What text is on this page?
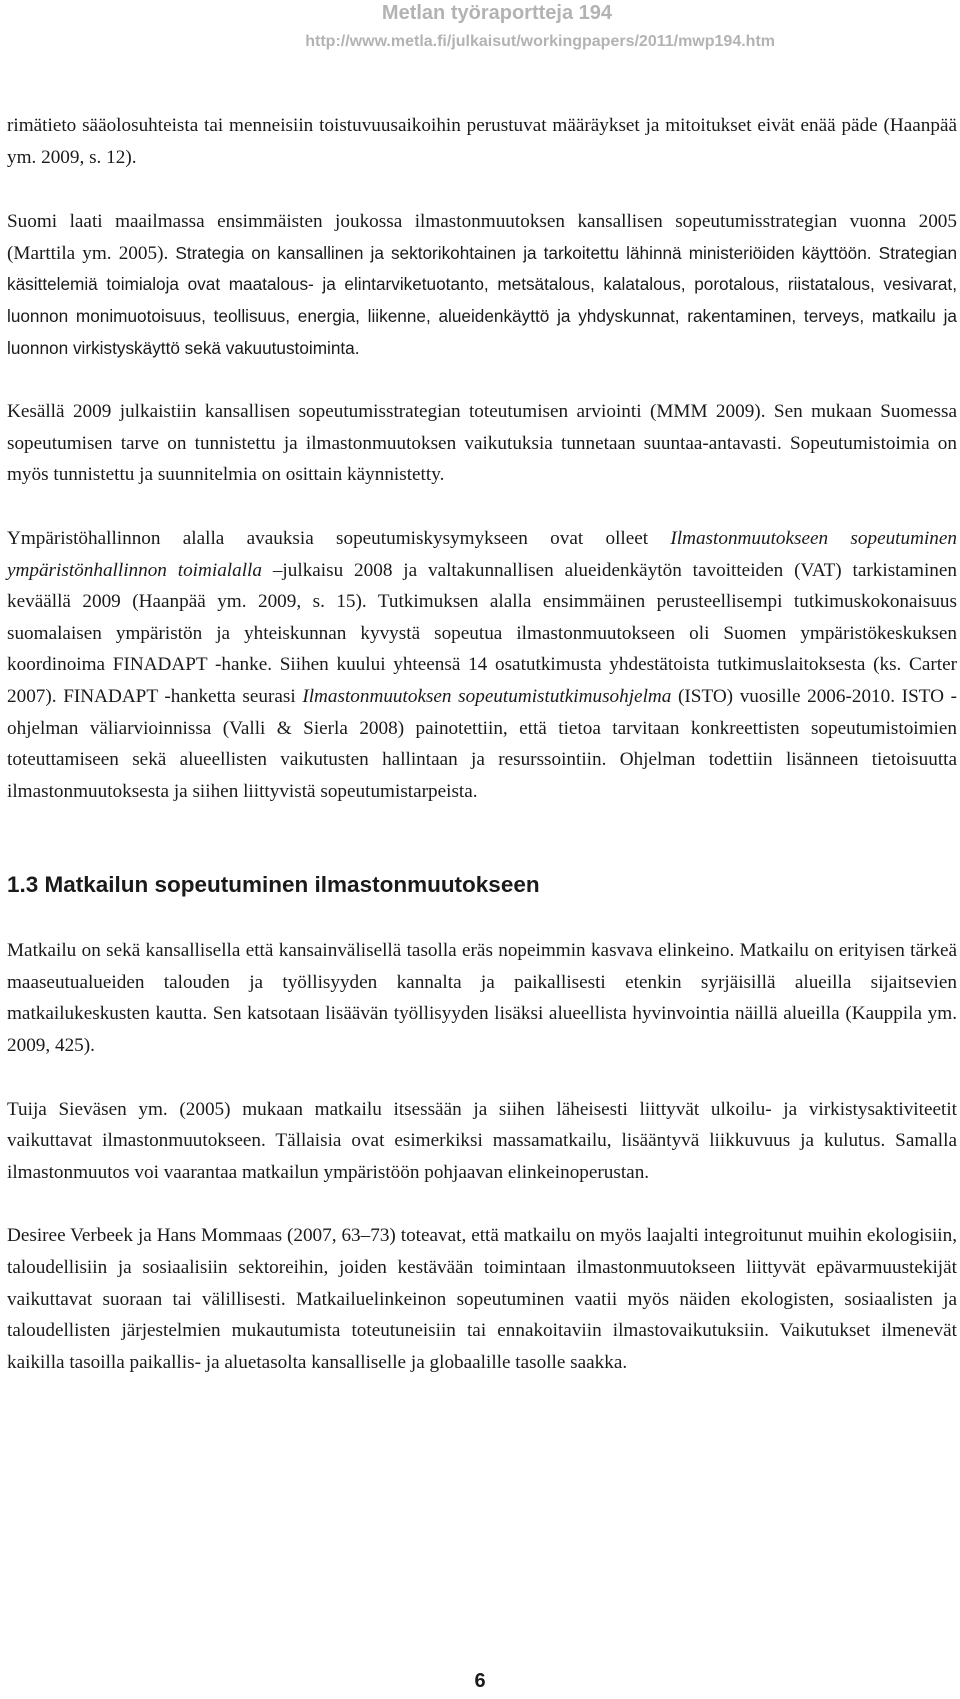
Metlan työraportteja 194
http://www.metla.fi/julkaisut/workingpapers/2011/mwp194.htm

rimätieto sääolosuhteista tai menneisiin toistuvuusaikoihin perustuvat määräykset ja mitoitukset eivät enää päde (Haanpää ym. 2009, s. 12).

Suomi laati maailmassa ensimmäisten joukossa ilmastonmuutoksen kansallisen sopeutumisstrategian vuonna 2005 (Marttila ym. 2005). Strategia on kansallinen ja sektorikohtainen ja tarkoitettu lähinnä ministeriöiden käyttöön. Strategian käsittelemiä toimialoja ovat maatalous- ja elintarviketuotanto, metsätalous, kalatalous, porotalous, riistatalous, vesivarat, luonnon monimuotoisuus, teollisuus, energia, liikenne, alueidenkäyttö ja yhdyskunnat, rakentaminen, terveys, matkailu ja luonnon virkistyskäyttö sekä vakuutustoiminta.

Kesällä 2009 julkaistiin kansallisen sopeutumisstrategian toteutumisen arviointi (MMM 2009). Sen mukaan Suomessa sopeutumisen tarve on tunnistettu ja ilmastonmuutoksen vaikutuksia tunnetaan suuntaa-antavasti. Sopeutumistoimia on myös tunnistettu ja suunnitelmia on osittain käynnistetty.

Ympäristöhallinnon alalla avauksia sopeutumiskysymykseen ovat olleet Ilmastonmuutokseen sopeutuminen ympäristönhallinnon toimialalla –julkaisu 2008 ja valtakunnallisen alueidenkäytön tavoitteiden (VAT) tarkistaminen keväällä 2009 (Haanpää ym. 2009, s. 15). Tutkimuksen alalla ensimmäinen perusteellisempi tutkimuskokonaisuus suomalaisen ympäristön ja yhteiskunnan kyvystä sopeutua ilmastonmuutokseen oli Suomen ympäristökeskuksen koordinoima FINADAPT -hanke. Siihen kuului yhteensä 14 osatutkimusta yhdestätoista tutkimuslaitoksesta (ks. Carter 2007). FINADAPT -hanketta seurasi Ilmastonmuutoksen sopeutumistutkimusohjelma (ISTO) vuosille 2006-2010. ISTO -ohjelman väliarvioinnissa (Valli & Sierla 2008) painotettiin, että tietoa tarvitaan konkreettisten sopeutumistoimien toteuttamiseen sekä alueellisten vaikutusten hallintaan ja resurssointiin. Ohjelman todettiin lisänneen tietoisuutta ilmastonmuutoksesta ja siihen liittyvistä sopeutumistarpeista.

1.3 Matkailun sopeutuminen ilmastonmuutokseen

Matkailu on sekä kansallisella että kansainvälisellä tasolla eräs nopeimmin kasvava elinkeino. Matkailu on erityisen tärkeä maaseutualueiden talouden ja työllisyyden kannalta ja paikallisesti etenkin syrjäisillä alueilla sijaitsevien matkailukeskusten kautta. Sen katsotaan lisäävän työllisyyden lisäksi alueellista hyvinvointia näillä alueilla (Kauppila ym. 2009, 425).

Tuija Sieväsen ym. (2005) mukaan matkailu itsessään ja siihen läheisesti liittyvät ulkoilu- ja virkistysaktiviteetit vaikuttavat ilmastonmuutokseen. Tällaisia ovat esimerkiksi massamatkailu, lisääntyvä liikkuvuus ja kulutus. Samalla ilmastonmuutos voi vaarantaa matkailun ympäristöön pohjaavan elinkeinoperustan.

Desiree Verbeek ja Hans Mommaas (2007, 63–73) toteavat, että matkailu on myös laajalti integroitunut muihin ekologisiin, taloudellisiin ja sosiaalisiin sektoreihin, joiden kestävään toimintaan ilmastonmuutokseen liittyvät epävarmuustekijät vaikuttavat suoraan tai välillisesti. Matkailuelinkeinon sopeutuminen vaatii myös näiden ekologisten, sosiaalisten ja taloudellisten järjestelmien mukautumista toteutuneisiin tai ennakoitaviin ilmastovaikutuksiin. Vaikutukset ilmenevät kaikilla tasoilla paikallis- ja aluetasolta kansalliselle ja globaalille tasolle saakka.

6
